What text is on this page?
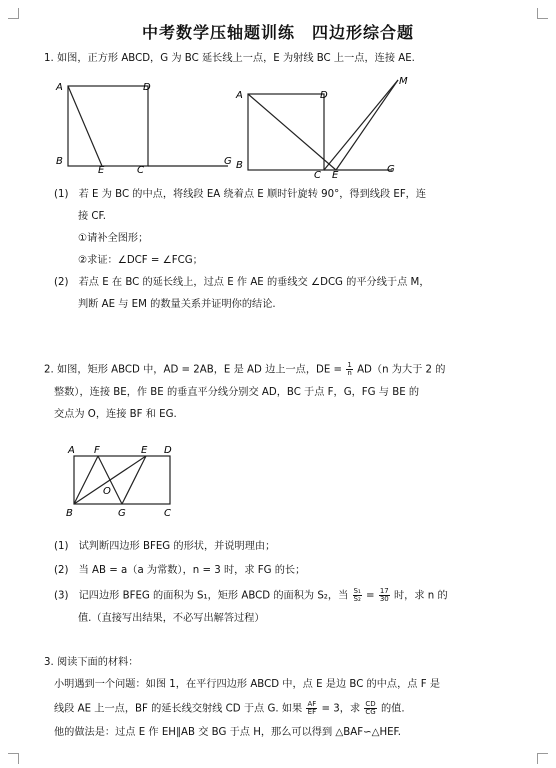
中考数学压轴题训练　四边形综合题
1. 如图，正方形 ABCD，G 为 BC 延长线上一点，E 为射线 BC 上一点，连接 AE.
A	D
B
E	C
G
A	D
M
B
C E
G
(1)　若 E 为 BC 的中点，将线段 EA 绕着点 E 顺时针旋转 90°，得到线段 EF，连
接 CF.
①请补全图形；
②求证：∠DCF = ∠FCG；
(2)　若点 E 在 BC 的延长线上，过点 E 作 AE 的垂线交 ∠DCG 的平分线于点 M，
判断 AE 与 EM 的数量关系并证明你的结论.
2. 如图，矩形 ABCD 中，AD = 2AB，E 是 AD 边上一点，DE = $\frac{1}{n} AD(n$ 为大于 2 的
整数），连接 BE，作 BE 的垂直平分线分别交 AD，BC 于点 F，G，FG 与 BE 的
交点为 O，连接 BF 和 EG.
A F	E D
O
B	G	C
(1)　试判断四边形 BFEG 的形状，并说明理由；
(2)　当 AB = a（a 为常数），n = 3 时，求 FG 的长；
(3)　记四边形 BFEG 的面积为 S₁，矩形 ABCD 的面积为 S₂，当 $\frac{\text{S₁}}{\text{S₂}} = \frac{17}{30}$ 时，求 n 的
值.（直接写出结果，不必写出解答过程）
3. 阅读下面的材料：
小明遇到一个问题：如图 1，在平行四边形 ABCD 中，点 E 是边 BC 的中点，点 F 是
线段 AE 上一点，BF 的延长线交射线 CD 于点 G. 如果 $\frac{AF}{EF} = 3$，求 $\frac{CD}{CG}$ 的值.
他的做法是：过点 E 作 EH∥AB 交 BG 于点 H，那么可以得到 △BAF∽△HEF.
